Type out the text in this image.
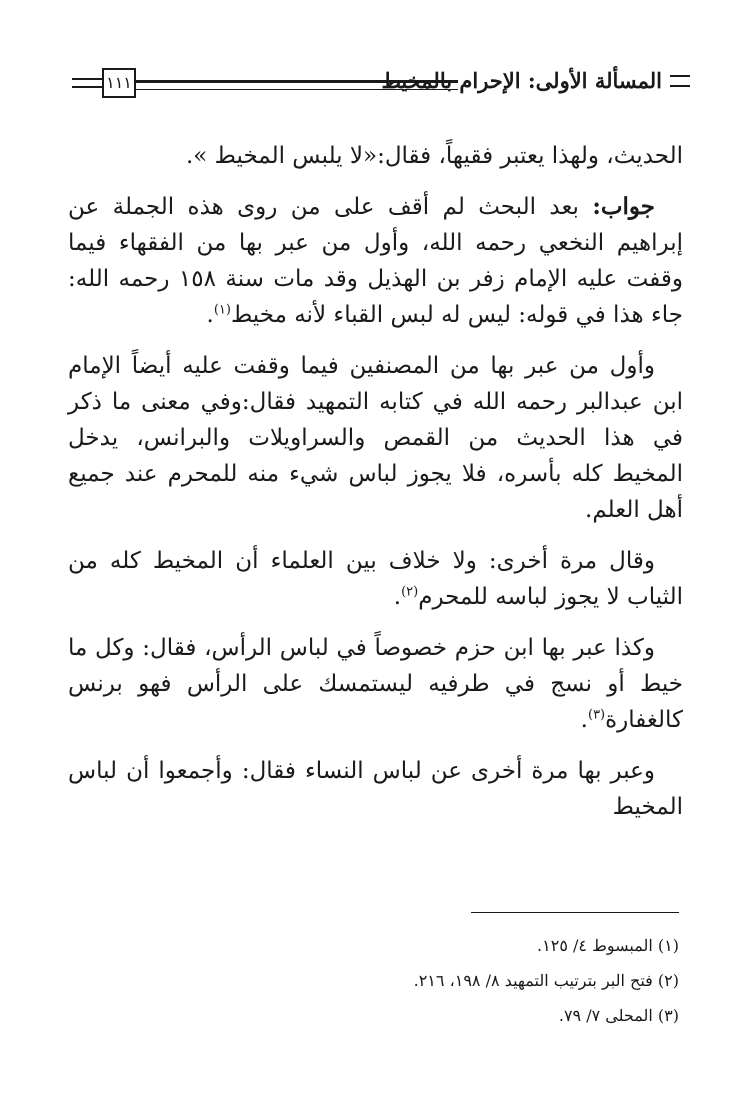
المسألة الأولى: الإحرام بالمخيط
١١١

الحديث، ولهذا يعتبر فقيهاً، فقال:«لا يلبس المخيط ».

جواب: بعد البحث لم أقف على من روى هذه الجملة عن إبراهيم النخعي رحمه الله، وأول من عبر بها من الفقهاء فيما وقفت عليه الإمام زفر بن الهذيل وقد مات سنة ١٥٨ رحمه الله: جاء هذا في قوله: ليس له لبس القباء لأنه مخيط$^{(١)}$.

وأول من عبر بها من المصنفين فيما وقفت عليه أيضاً الإمام ابن عبدالبر رحمه الله في كتابه التمهيد فقال:وفي معنى ما ذكر في هذا الحديث من القمص والسراويلات والبرانس، يدخل المخيط كله بأسره، فلا يجوز لباس شيء منه للمحرم عند جميع أهل العلم.

وقال مرة أخرى: ولا خلاف بين العلماء أن المخيط كله من الثياب لا يجوز لباسه للمحرم$^{(٢)}$.

وكذا عبر بها ابن حزم خصوصاً في لباس الرأس، فقال: وكل ما خيط أو نسج في طرفيه ليستمسك على الرأس فهو برنس كالغفارة$^{(٣)}$.

وعبر بها مرة أخرى عن لباس النساء فقال: وأجمعوا أن لباس المخيط

(١) المبسوط ٤/ ١٢٥.

(٢) فتح البر بترتيب التمهيد ٨/ ١٩٨، ٢١٦.

(٣) المحلى ٧/ ٧٩.
